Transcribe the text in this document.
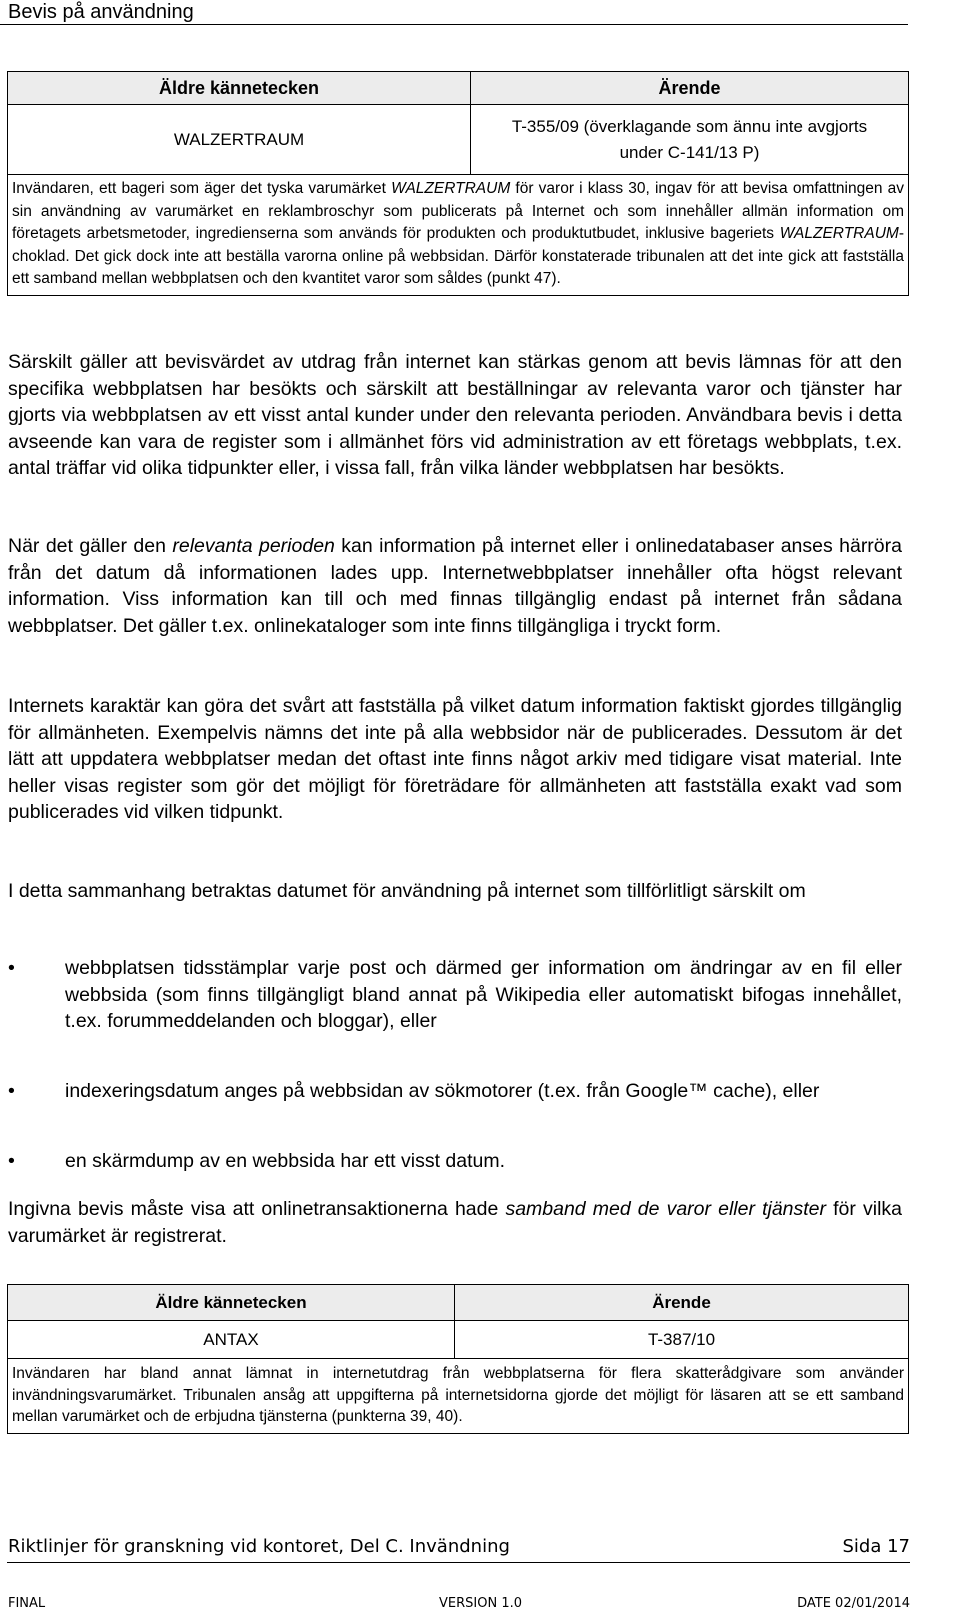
Bevis på användning
Äldre kännetecken	Ärende
WALZERTRAUM	T-355/09 (överklagande som ännu inte avgjorts
under C-141/13 P)
Invändaren, ett bageri som äger det tyska varumärket WALZERTRAUM för varor i klass 30, ingav för att bevisa omfattningen av sin användning av varumärket en reklambroschyr som publicerats på Internet och som innehåller allmän information om företagets arbetsmetoder, ingredienserna som används för produkten och produktutbudet, inklusive bageriets WALZERTRAUM-choklad. Det gick dock inte att beställa varorna online på webbsidan. Därför konstaterade tribunalen att det inte gick att fastställa ett samband mellan webbplatsen och den kvantitet varor som såldes (punkt 47).	

Särskilt gäller att bevisvärdet av utdrag från internet kan stärkas genom att bevis lämnas för att den specifika webbplatsen har besökts och särskilt att beställningar av relevanta varor och tjänster har gjorts via webbplatsen av ett visst antal kunder under den relevanta perioden. Användbara bevis i detta avseende kan vara de register som i allmänhet förs vid administration av ett företags webbplats, t.ex. antal träffar vid olika tidpunkter eller, i vissa fall, från vilka länder webbplatsen har besökts.

När det gäller den relevanta perioden kan information på internet eller i onlinedatabaser anses härröra från det datum då informationen lades upp. Internetwebbplatser innehåller ofta högst relevant information. Viss information kan till och med finnas tillgänglig endast på internet från sådana webbplatser. Det gäller t.ex. onlinekataloger som inte finns tillgängliga i tryckt form.

Internets karaktär kan göra det svårt att fastställa på vilket datum information faktiskt gjordes tillgänglig för allmänheten. Exempelvis nämns det inte på alla webbsidor när de publicerades. Dessutom är det lätt att uppdatera webbplatser medan det oftast inte finns något arkiv med tidigare visat material. Inte heller visas register som gör det möjligt för företrädare för allmänheten att fastställa exakt vad som publicerades vid vilken tidpunkt.

I detta sammanhang betraktas datumet för användning på internet som tillförlitligt särskilt om

•	webbplatsen tidsstämplar varje post och därmed ger information om ändringar av en fil eller webbsida (som finns tillgängligt bland annat på Wikipedia eller automatiskt bifogas innehållet, t.ex. forummeddelanden och bloggar), eller
•	indexeringsdatum anges på webbsidan av sökmotorer (t.ex. från Google™ cache), eller
•	en skärmdump av en webbsida har ett visst datum.

Ingivna bevis måste visa att onlinetransaktionerna hade samband med de varor eller tjänster för vilka varumärket är registrerat.

Äldre kännetecken	Ärende
ANTAX	T-387/10
Invändaren har bland annat lämnat in internetutdrag från webbplatserna för flera skatterådgivare som använder invändningsvarumärket. Tribunalen ansåg att uppgifterna på internetsidorna gjorde det möjligt för läsaren att se ett samband mellan varumärket och de erbjudna tjänsterna (punkterna 39, 40).	
Riktlinjer för granskning vid kontoret, Del C. Invändning	Sida 17
FINAL	VERSION 1.0	DATE 02/01/2014
